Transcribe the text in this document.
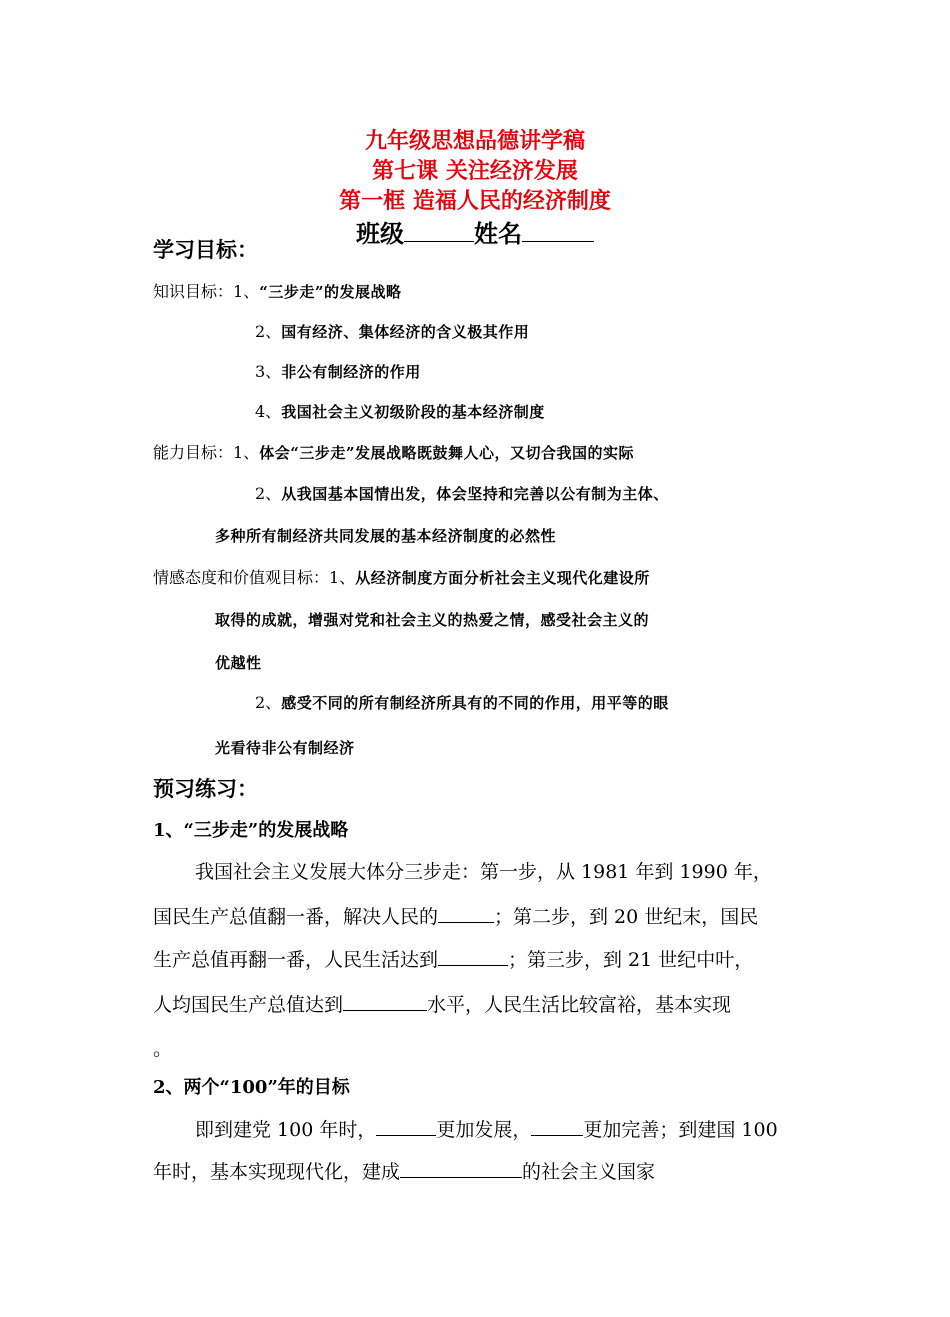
九年级思想品德讲学稿
第七课 关注经济发展
第一框 造福人民的经济制度
班级	姓名
学习目标：
知识目标：1、“三步走”的发展战略
2、国有经济、集体经济的含义极其作用
3、非公有制经济的作用
4、我国社会主义初级阶段的基本经济制度
能力目标：1、体会“三步走”发展战略既鼓舞人心，又切合我国的实际
2、从我国基本国情出发，体会坚持和完善以公有制为主体、
多种所有制经济共同发展的基本经济制度的必然性
情感态度和价值观目标：1、从经济制度方面分析社会主义现代化建设所
取得的成就，增强对党和社会主义的热爱之情，感受社会主义的
优越性
2、感受不同的所有制经济所具有的不同的作用，用平等的眼
光看待非公有制经济
预习练习：
1、“三步走”的发展战略
我国社会主义发展大体分三步走：第一步，从 1981 年到 1990 年，
国民生产总值翻一番，解决人民的	；第二步，到 20 世纪末，国民
生产总值再翻一番，人民生活达到	；第三步，到 21 世纪中叶，
人均国民生产总值达到	水平，人民生活比较富裕，基本实现
。
2、两个“100”年的目标
即到建党 100 年时，	更加发展，	更加完善；到建国 100
年时，基本实现现代化，建成	的社会主义国家
